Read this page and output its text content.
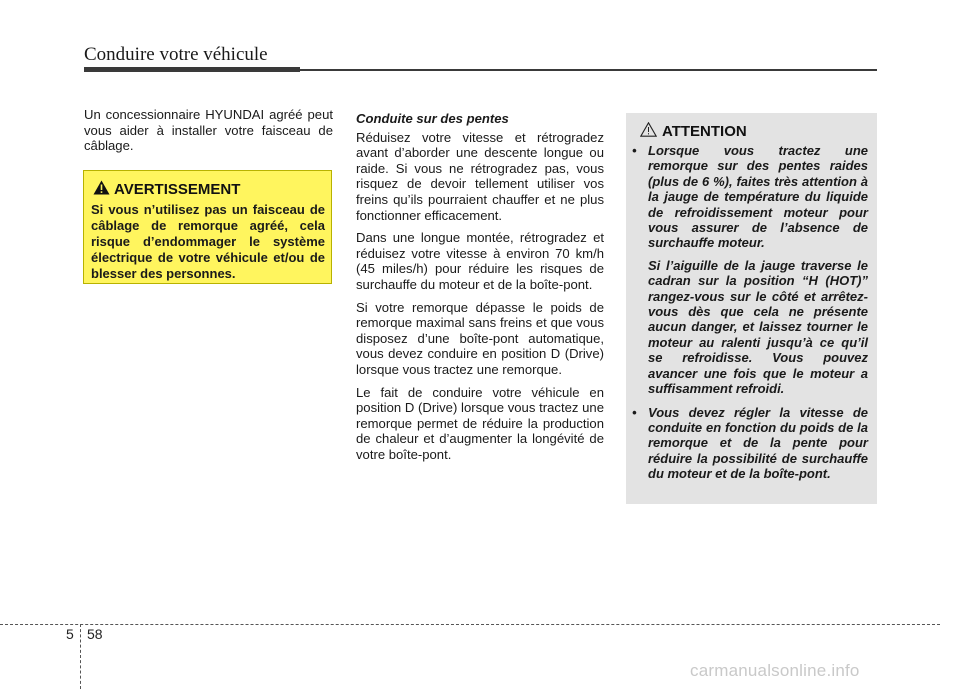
Conduire votre véhicule

Un concessionnaire HYUNDAI agréé peut vous aider à installer votre faisceau de câblage.

AVERTISSEMENT
Si vous n’utilisez pas un faisceau de câblage de remorque agréé, cela risque d’endommager le système électrique de votre véhicule et/ou de blesser des personnes.
Conduite sur des pentes

Réduisez votre vitesse et rétrogradez avant d’aborder une descente longue ou raide. Si vous ne rétrogradez pas, vous risquez de devoir tellement utiliser vos freins qu’ils pourraient chauffer et ne plus fonctionner efficacement.

Dans une longue montée, rétrogradez et réduisez votre vitesse à environ 70 km/h (45 miles/h) pour réduire les risques de surchauffe du moteur et de la boîte-pont.

Si votre remorque dépasse le poids de remorque maximal sans freins et que vous disposez d’une boîte-pont automatique, vous devez conduire en position D (Drive) lorsque vous tractez une remorque.

Le fait de conduire votre véhicule en position D (Drive) lorsque vous tractez une remorque permet de réduire la production de chaleur et d’augmenter la longévité de votre boîte-pont.

ATTENTION
• Lorsque vous tractez une remorque sur des pentes raides (plus de 6 %), faites très attention à la jauge de température du liquide de refroidissement moteur pour vous assurer de l’absence de surchauffe moteur.

Si l’aiguille de la jauge traverse le cadran sur la position “H (HOT)” rangez-vous sur le côté et arrêtez-vous dès que cela ne présente aucun danger, et laissez tourner le moteur au ralenti jusqu’à ce qu’il se refroidisse. Vous pouvez avancer une fois que le moteur a suffisamment refroidi.

• Vous devez régler la vitesse de conduite en fonction du poids de la remorque et de la pente pour réduire la possibilité de surchauffe du moteur et de la boîte-pont.

5 58
carmanualsonline.info
